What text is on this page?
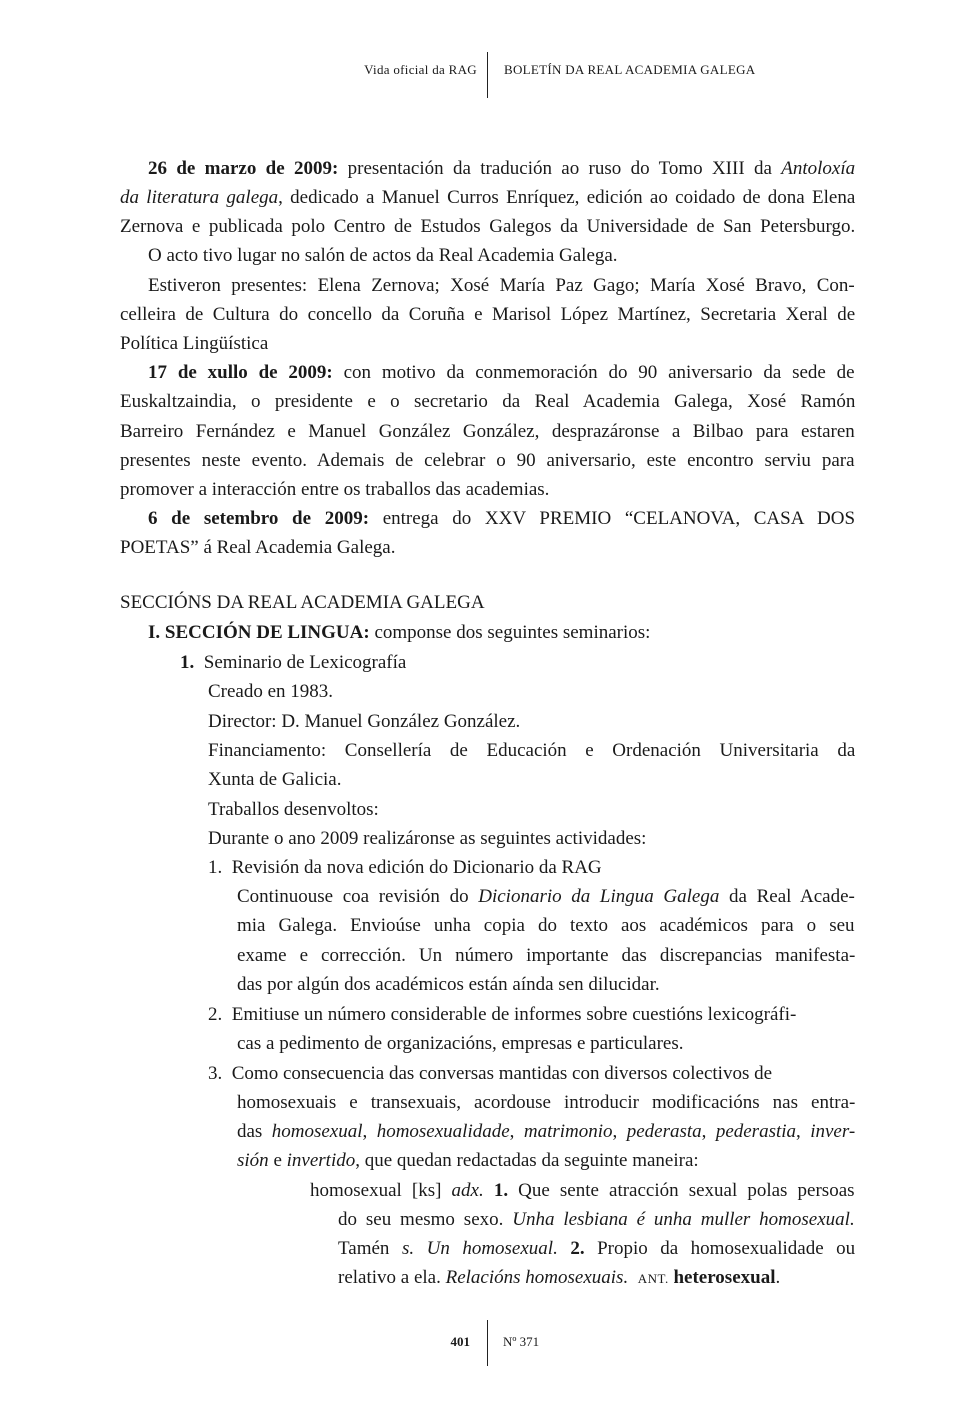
Vida oficial da RAG BOLETÍN DA REAL ACADEMIA GALEGA
26 de marzo de 2009: presentación da tradución ao ruso do Tomo XIII da Antoloxía
da literatura galega, dedicado a Manuel Curros Enríquez, edición ao coidado de dona Elena
Zernova e publicada polo Centro de Estudos Galegos da Universidade de San Petersburgo.
O acto tivo lugar no salón de actos da Real Academia Galega.
Estiveron presentes: Elena Zernova; Xosé María Paz Gago; María Xosé Bravo, Con-
celleira de Cultura do concello da Coruña e Marisol López Martínez, Secretaria Xeral de
Política Lingüística
17 de xullo de 2009: con motivo da conmemoración do 90 aniversario da sede de
Euskaltzaindia, o presidente e o secretario da Real Academia Galega, Xosé Ramón
Barreiro Fernández e Manuel González González, desprazáronse a Bilbao para estaren
presentes neste evento. Ademais de celebrar o 90 aniversario, este encontro serviu para
promover a interacción entre os traballos das academias.
6 de setembro de 2009: entrega do XXV PREMIO “CELANOVA, CASA DOS
POETAS” á Real Academia Galega.
SECCIÓNS DA REAL ACADEMIA GALEGA
I. SECCIÓN DE LINGUA: componse dos seguintes seminarios:
1.  Seminario de Lexicografía
Creado en 1983.
Director: D. Manuel González González.
Financiamento: Consellería de Educación e Ordenación Universitaria da
Xunta de Galicia.
Traballos desenvoltos:
Durante o ano 2009 realizáronse as seguintes actividades:
1.  Revisión da nova edición do Dicionario da RAG
Continuouse coa revisión do Dicionario da Lingua Galega da Real Acade-
mia Galega. Envioúse unha copia do texto aos académicos para o seu
exame e corrección. Un número importante das discrepancias manifesta-
das por algún dos académicos están aínda sen dilucidar.
2.  Emitiuse un número considerable de informes sobre cuestións lexicográfi-
cas a pedimento de organizacións, empresas e particulares.
3.  Como consecuencia das conversas mantidas con diversos colectivos de
homosexuais e transexuais, acordouse introducir modificacións nas entra-
das homosexual, homosexualidade, matrimonio, pederasta, pederastia, inver-
sión e invertido, que quedan redactadas da seguinte maneira:
homosexual [ks] adx. 1. Que sente atracción sexual polas persoas
do seu mesmo sexo. Unha lesbiana é unha muller homosexual.
Tamén s. Un homosexual. 2. Propio da homosexualidade ou
relativo a ela. Relacións homosexuais. ANT. heterosexual.
401	Nº 371
